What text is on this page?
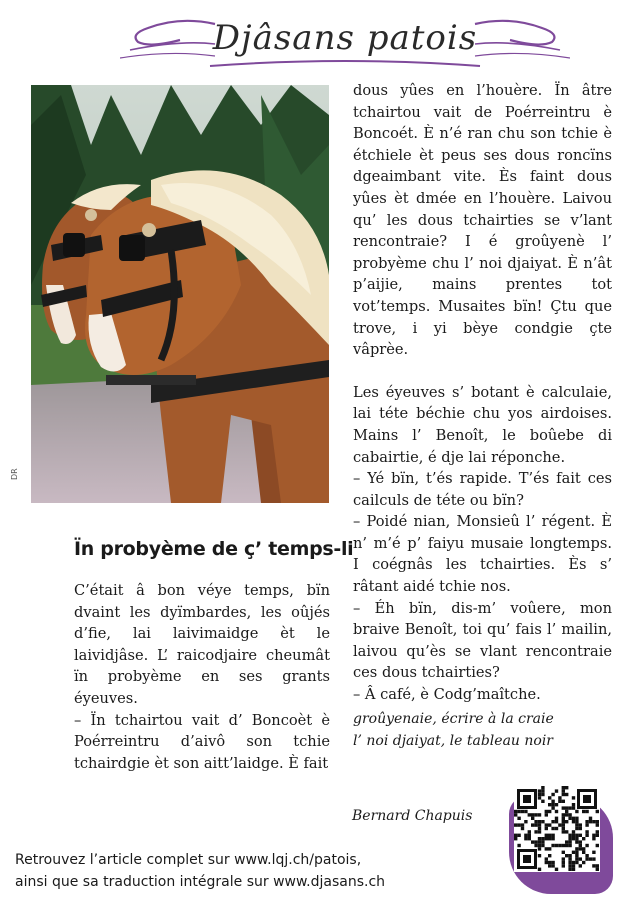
Djâsans patois
DR
Ïn probyème de ç’ temps-li

C’était â bon véye temps, bïn dvaint les dyïmbardes, les oûjés d’fie, lai laivimaidge èt le laividjâse. L’ raicodjaire cheumât ïn probyème en ses grants éyeuves.

– Ïn tchairtou vait d’ Boncoèt è Poérreintru d’aivô son tchie tchairdgie èt son aitt’laidge. È fait

dous yûes en l’houère. Ïn âtre tchairtou vait de Poérreintru è Boncoét. È n’é ran chu son tchie è étchiele èt peus ses dous roncïns dgeaimbant vite. Ès faint dous yûes èt dmée en l’houère. Laivou qu’ les dous tchairties se v’lant rencontraie? I é groûyenè l’ probyème chu l’ noi djaiyat. È n’ât p’aijie, mains prentes tot vot’temps. Musaites bïn! Çtu que trove, i yi bèye condgie çte vâprèe.

Les éyeuves s’ botant è calculaie, lai téte béchie chu yos airdoises. Mains l’ Benoît, le boûebe di cabairtie, é dje lai réponche.

– Yé bïn, t’és rapide. T’és fait ces cailculs de téte ou bïn?

– Poidé nian, Monsieû l’ régent. È n’ m’é p’ faiyu musaie longtemps. I coégnâs les tchairties. Ès s’ râtant aidé tchie nos.

– Éh bïn, dis-m’ voûere, mon braive Benoît, toi qu’ fais l’ mailin, laivou qu’ès se vlant rencontraie ces dous tchairties?

– Â café, è Codg’maîtche.

groûyenaie, écrire à la craie
l’ noi djaiyat, le tableau noir
Bernard Chapuis
Retrouvez l’article complet sur www.lqj.ch/patois,
ainsi que sa traduction intégrale sur www.djasans.ch
